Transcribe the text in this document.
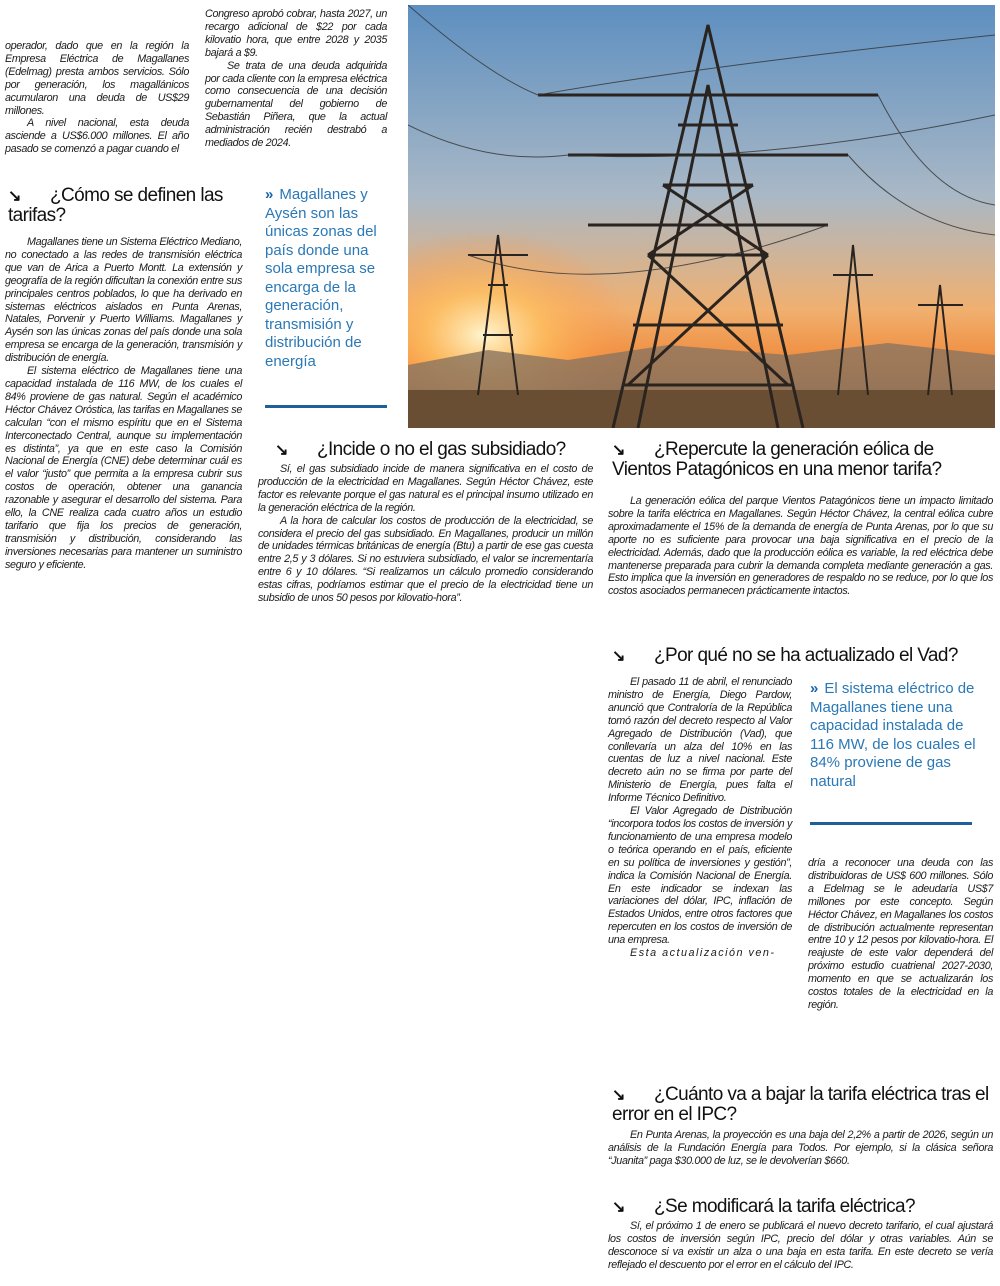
operador, dado que en la región la Empresa Eléctrica de Magallanes (Edelmag) presta ambos servicios. Sólo por generación, los magallánicos acumularon una deuda de US$29 millones.

A nivel nacional, esta deuda asciende a US$6.000 millones. El año pasado se comenzó a pagar cuando el

Congreso aprobó cobrar, hasta 2027, un recargo adicional de $22 por cada kilovatio hora, que entre 2028 y 2035 bajará a $9.

Se trata de una deuda adquirida por cada cliente con la empresa eléctrica como consecuencia de una decisión gubernamental del gobierno de Sebastián Piñera, que la actual administración recién destrabó a mediados de 2024.

↘ ¿Cómo se definen las tarifas?

Magallanes tiene un Sistema Eléctrico Mediano, no conectado a las redes de transmisión eléctrica que van de Arica a Puerto Montt. La extensión y geografía de la región dificultan la conexión entre sus principales centros poblados, lo que ha derivado en sistemas eléctricos aislados en Punta Arenas, Natales, Porvenir y Puerto Williams. Magallanes y Aysén son las únicas zonas del país donde una sola empresa se encarga de la generación, transmisión y distribución de energía.

El sistema eléctrico de Magallanes tiene una capacidad instalada de 116 MW, de los cuales el 84% proviene de gas natural. Según el académico Héctor Chávez Oróstica, las tarifas en Magallanes se calculan “con el mismo espíritu que en el Sistema Interconectado Central, aunque su implementación es distinta”, ya que en este caso la Comisión Nacional de Energía (CNE) debe determinar cuál es el valor “justo” que permita a la empresa cubrir sus costos de operación, obtener una ganancia razonable y asegurar el desarrollo del sistema. Para ello, la CNE realiza cada cuatro años un estudio tarifario que fija los precios de generación, transmisión y distribución, considerando las inversiones necesarias para mantener un suministro seguro y eficiente.

» Magallanes y Aysén son las únicas zonas del país donde una sola empresa se encarga de la generación, transmisión y distribución de energía
↘ ¿Incide o no el gas subsidiado?

Sí, el gas subsidiado incide de manera significativa en el costo de producción de la electricidad en Magallanes. Según Héctor Chávez, este factor es relevante porque el gas natural es el principal insumo utilizado en la generación eléctrica de la región.

A la hora de calcular los costos de producción de la electricidad, se considera el precio del gas subsidiado. En Magallanes, producir un millón de unidades térmicas británicas de energía (Btu) a partir de ese gas cuesta entre 2,5 y 3 dólares. Si no estuviera subsidiado, el valor se incrementaría entre 6 y 10 dólares. “Si realizamos un cálculo promedio considerando estas cifras, podríamos estimar que el precio de la electricidad tiene un subsidio de unos 50 pesos por kilovatio-hora”.

↘ ¿Repercute la generación eólica de Vientos Patagónicos en una menor tarifa?

La generación eólica del parque Vientos Patagónicos tiene un impacto limitado sobre la tarifa eléctrica en Magallanes. Según Héctor Chávez, la central eólica cubre aproximadamente el 15% de la demanda de energía de Punta Arenas, por lo que su aporte no es suficiente para provocar una baja significativa en el precio de la electricidad. Además, dado que la producción eólica es variable, la red eléctrica debe mantenerse preparada para cubrir la demanda completa mediante generación a gas. Esto implica que la inversión en generadores de respaldo no se reduce, por lo que los costos asociados permanecen prácticamente intactos.

↘ ¿Por qué no se ha actualizado el Vad?

El pasado 11 de abril, el renunciado ministro de Energía, Diego Pardow, anunció que Contraloría de la República tomó razón del decreto respecto al Valor Agregado de Distribución (Vad), que conllevaría un alza del 10% en las cuentas de luz a nivel nacional. Este decreto aún no se firma por parte del Ministerio de Energía, pues falta el Informe Técnico Definitivo.

El Valor Agregado de Distribución “incorpora todos los costos de inversión y funcionamiento de una empresa modelo o teórica operando en el país, eficiente en su política de inversiones y gestión”, indica la Comisión Nacional de Energía. En este indicador se indexan las variaciones del dólar, IPC, inflación de Estados Unidos, entre otros factores que repercuten en los costos de inversión de una empresa.

Esta actualización ven-

» El sistema eléctrico de Magallanes tiene una capacidad instalada de 116 MW, de los cuales el 84% proviene de gas natural

dría a reconocer una deuda con las distribuidoras de US$ 600 millones. Sólo a Edelmag se le adeudaría US$7 millones por este concepto. Según Héctor Chávez, en Magallanes los costos de distribución actualmente representan entre 10 y 12 pesos por kilovatio-hora. El reajuste de este valor dependerá del próximo estudio cuatrienal 2027-2030, momento en que se actualizarán los costos totales de la electricidad en la región.

↘ ¿Cuánto va a bajar la tarifa eléctrica tras el error en el IPC?

En Punta Arenas, la proyección es una baja del 2,2% a partir de 2026, según un análisis de la Fundación Energía para Todos. Por ejemplo, si la clásica señora “Juanita” paga $30.000 de luz, se le devolverían $660.

↘ ¿Se modificará la tarifa eléctrica?

Sí, el próximo 1 de enero se publicará el nuevo decreto tarifario, el cual ajustará los costos de inversión según IPC, precio del dólar y otras variables. Aún se desconoce si va existir un alza o una baja en esta tarifa. En este decreto se vería reflejado el descuento por el error en el cálculo del IPC.
